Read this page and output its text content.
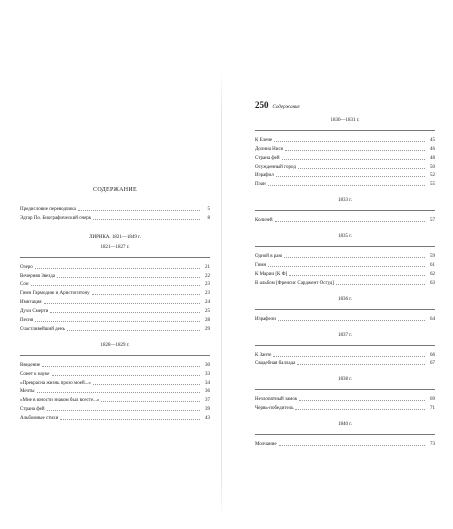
СОДЕРЖАНИЕ
Предисловие переводчика	5
Эдгар По. Биографический очерк	8
ЛИРИКА. 1821—1849 г.
1821—1827 г.
Озеро	21
Вечерняя Звезда	22
Сон	23
Гимн Гармодию и Аристогитону	23
Имитация	24
Духи Смерти	25
Песня	28
Счастливейший день	29
1828—1829 г.
Введение	30
Сонет к науке	33
«Прекрасна жизнь прозо моей...»	34
Мечты	36
«Мне в юности знаком был всесте...»	37
Страна фей	39
Альбомные стихи	43
250 Содержание
1830—1831 г.
К Елене	45
Долина Нися	46
Страна фей	48
Осужденный город	50
Израфил	52
Пэан	55
1833 г.
Колизей	57
1835 г.
Одной в раю	59
Гимн	61
К Марии [К Ф]	62
В альбом [Френсис Сарджент Осгуд]	63
1836 г.
Израфели	64
1837 г.
К Занте	66
Свадебная баллада	67
1838 г.
Незлопятный замок	69
Червь-победитель	71
1840 г.
Молчание	73
